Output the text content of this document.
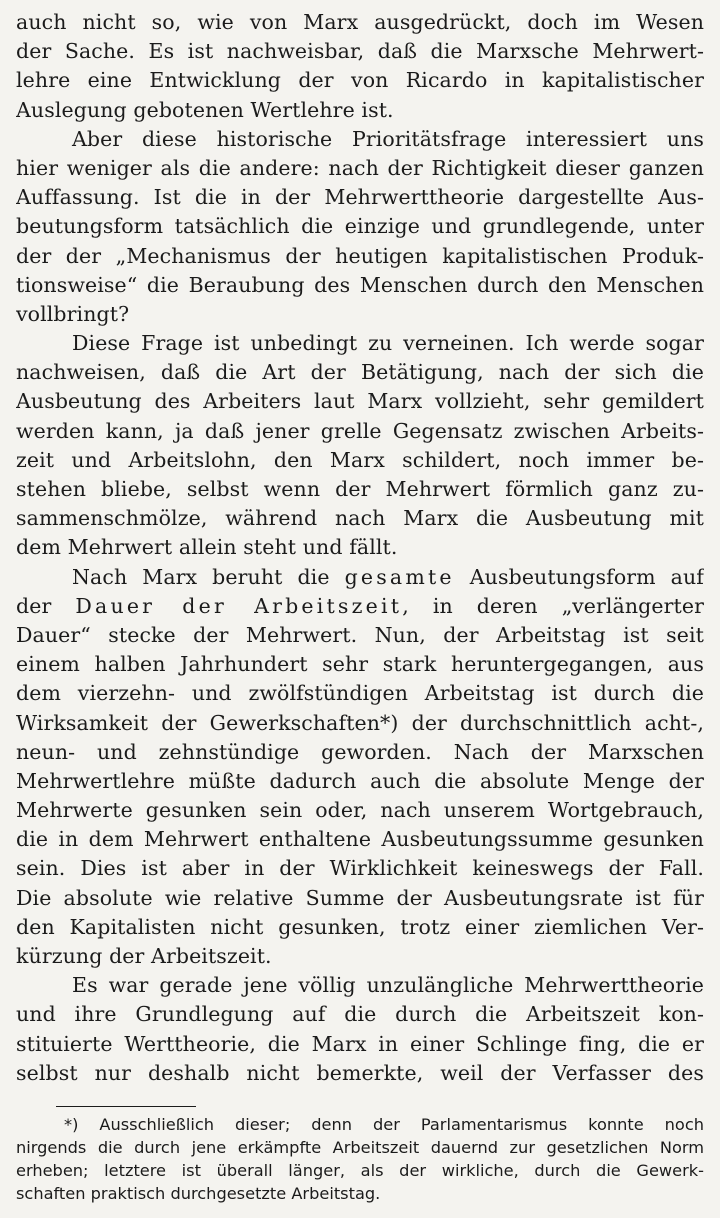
auch nicht so, wie von Marx ausgedrückt, doch im Wesen
der Sache. Es ist nachweisbar, daß die Marxsche Mehrwert-
lehre eine Entwicklung der von Ricardo in kapitalistischer
Auslegung gebotenen Wertlehre ist.
Aber diese historische Prioritätsfrage interessiert uns
hier weniger als die andere: nach der Richtigkeit dieser ganzen
Auffassung. Ist die in der Mehrwerttheorie dargestellte Aus-
beutungsform tatsächlich die einzige und grundlegende, unter
der der „Mechanismus der heutigen kapitalistischen Produk-
tionsweise“ die Beraubung des Menschen durch den Menschen
vollbringt?
Diese Frage ist unbedingt zu verneinen. Ich werde sogar
nachweisen, daß die Art der Betätigung, nach der sich die
Ausbeutung des Arbeiters laut Marx vollzieht, sehr gemildert
werden kann, ja daß jener grelle Gegensatz zwischen Arbeits-
zeit und Arbeitslohn, den Marx schildert, noch immer be-
stehen bliebe, selbst wenn der Mehrwert förmlich ganz zu-
sammenschmölze, während nach Marx die Ausbeutung mit
dem Mehrwert allein steht und fällt.
Nach Marx beruht die gesamte Ausbeutungsform auf
der Dauer der Arbeitszeit, in deren „verlängerter
Dauer“ stecke der Mehrwert. Nun, der Arbeitstag ist seit
einem halben Jahrhundert sehr stark heruntergegangen, aus
dem vierzehn- und zwölfstündigen Arbeitstag ist durch die
Wirksamkeit der Gewerkschaften*) der durchschnittlich acht-,
neun- und zehnstündige geworden. Nach der Marxschen
Mehrwertlehre müßte dadurch auch die absolute Menge der
Mehrwerte gesunken sein oder, nach unserem Wortgebrauch,
die in dem Mehrwert enthaltene Ausbeutungssumme gesunken
sein. Dies ist aber in der Wirklichkeit keineswegs der Fall.
Die absolute wie relative Summe der Ausbeutungsrate ist für
den Kapitalisten nicht gesunken, trotz einer ziemlichen Ver-
kürzung der Arbeitszeit.
Es war gerade jene völlig unzulängliche Mehrwerttheorie
und ihre Grundlegung auf die durch die Arbeitszeit kon-
stituierte Werttheorie, die Marx in einer Schlinge fing, die er
selbst nur deshalb nicht bemerkte, weil der Verfasser des
*) Ausschließlich dieser; denn der Parlamentarismus konnte noch
nirgends die durch jene erkämpfte Arbeitszeit dauernd zur gesetzlichen Norm
erheben; letztere ist überall länger, als der wirkliche, durch die Gewerk-
schaften praktisch durchgesetzte Arbeitstag.
